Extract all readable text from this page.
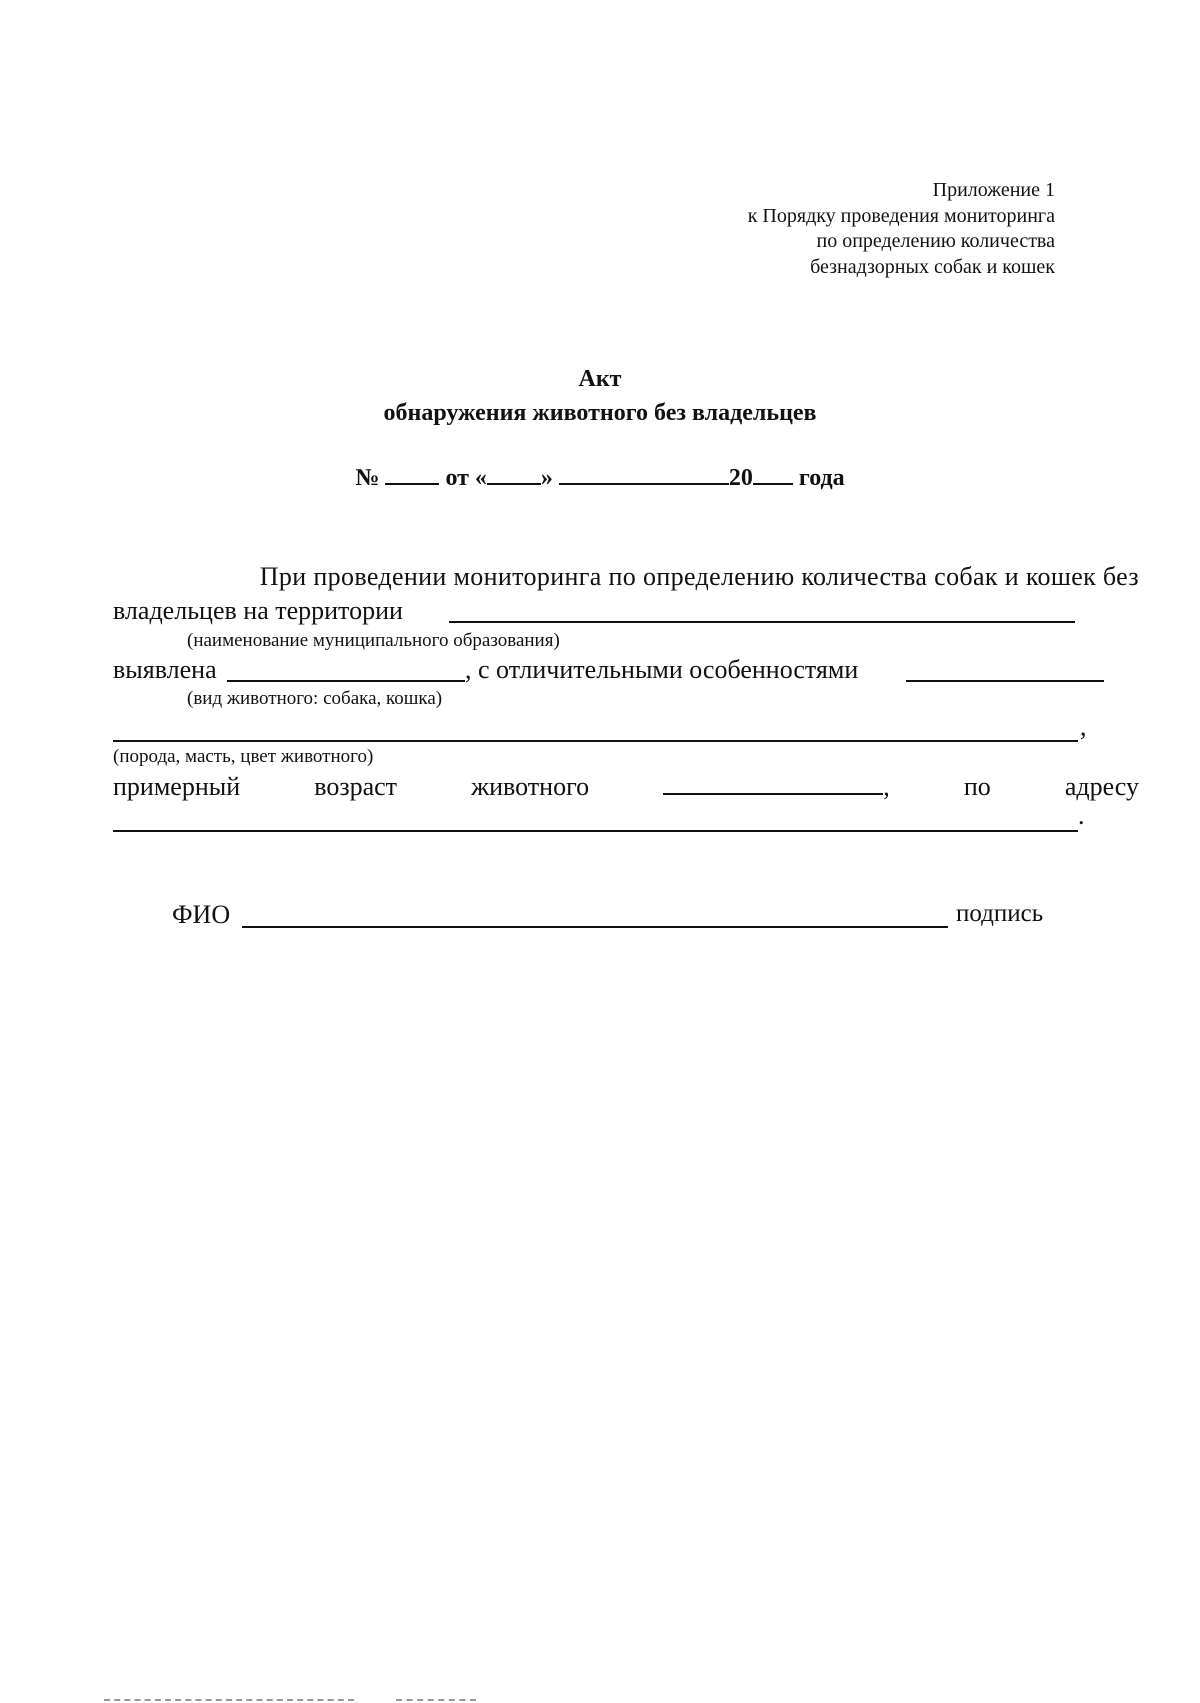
Приложение 1
к Порядку проведения мониторинга
по определению количества
безнадзорных собак и кошек
Акт
обнаружения животного без владельцев
№	от « »	20 года
При проведении мониторинга по определению количества собак и кошек без
владельцев на территории
(наименование муниципального образования)
выявлена	, с отличительными особенностями
(вид животного: собака, кошка)
,
(порода, масть, цвет животного)
примерный	возраст	животного	,	по	адресу
.
ФИО	подпись
